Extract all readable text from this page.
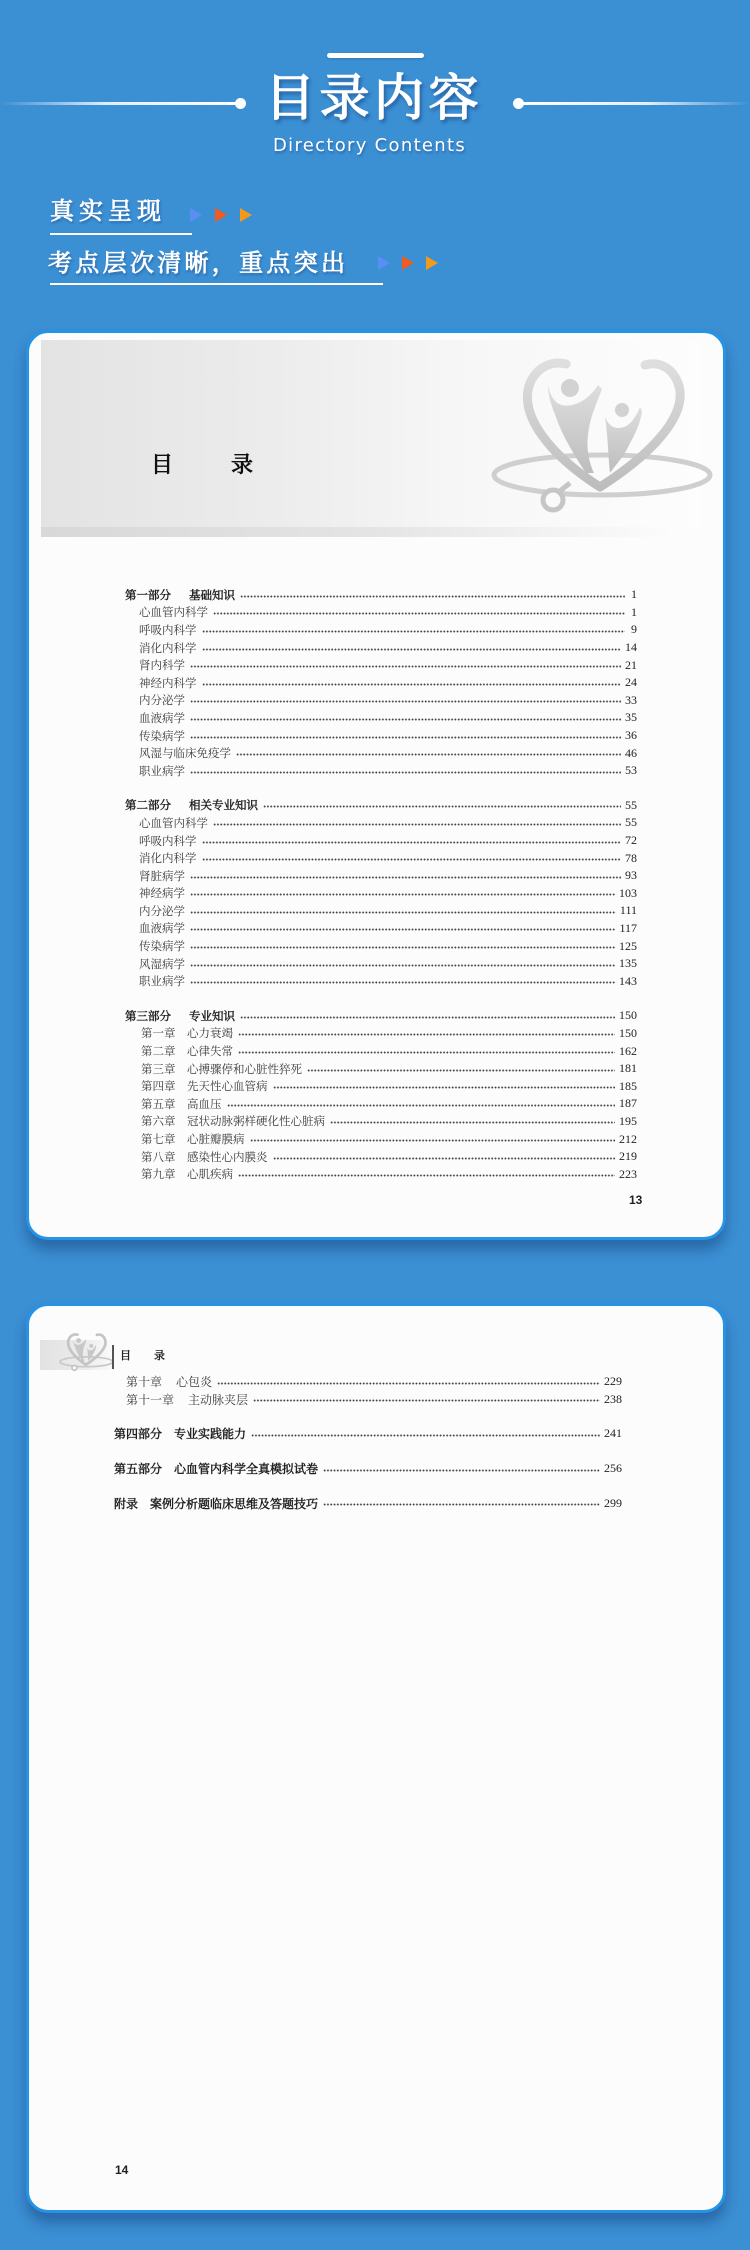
目录内容
Directory Contents
真实呈现
考点层次清晰，重点突出
目	录
第一部分	基础知识	1
心血管内科学	1
呼吸内科学	9
消化内科学	14
肾内科学	21
神经内科学	24
内分泌学	33
血液病学	35
传染病学	36
风湿与临床免疫学	46
职业病学	53
第二部分	相关专业知识	55
心血管内科学	55
呼吸内科学	72
消化内科学	78
肾脏病学	93
神经病学	103
内分泌学	111
血液病学	117
传染病学	125
风湿病学	135
职业病学	143
第三部分	专业知识	150
第一章	心力衰竭	150
第二章	心律失常	162
第三章	心搏骤停和心脏性猝死	181
第四章	先天性心血管病	185
第五章	高血压	187
第六章	冠状动脉粥样硬化性心脏病	195
第七章	心脏瓣膜病	212
第八章	感染性心内膜炎	219
第九章	心肌疾病	223
13
目 录
第十章 心包炎	229
第十一章 主动脉夹层	238
第四部分 专业实践能力	241
第五部分 心血管内科学全真模拟试卷	256
附录 案例分析题临床思维及答题技巧	299
14
